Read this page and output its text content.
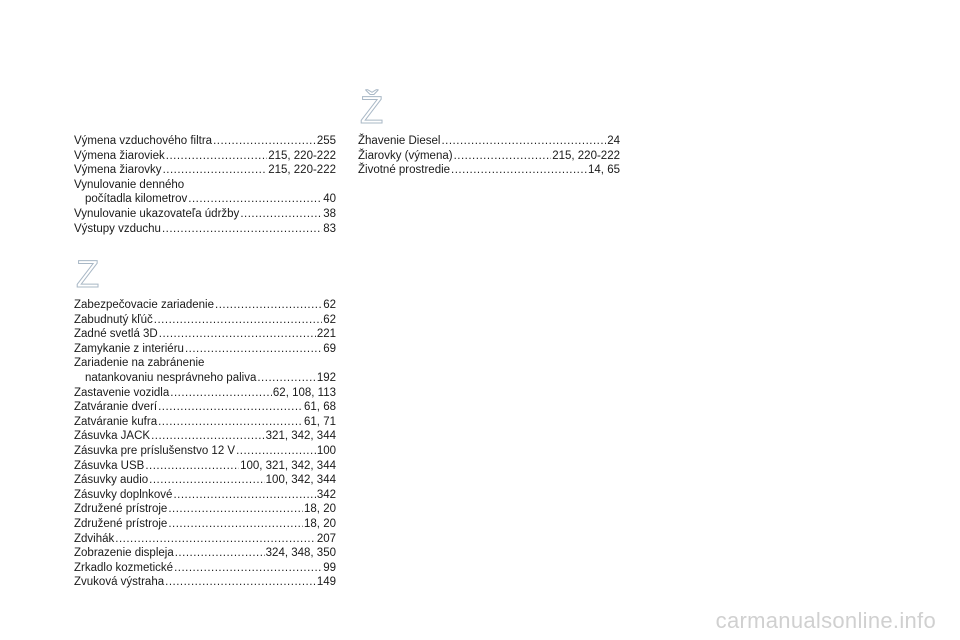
Výmena vzduchového filtra .....	255
Výmena žiaroviek .....	215, 220-222
Výmena žiarovky .....	215, 220-222
Vynulovanie denného
počítadla kilometrov .....	40
Vynulovanie ukazovateľa údržby .....	38
Výstupy vzduchu .....	83
Z
Zabezpečovacie zariadenie .....	62
Zabudnutý kľúč .....	62
Zadné svetlá 3D .....	221
Zamykanie z interiéru .....	69
Zariadenie na zabránenie
natankovaniu nesprávneho paliva .....	192
Zastavenie vozidla .....	62, 108, 113
Zatváranie dverí .....	61, 68
Zatváranie kufra .....	61, 71
Zásuvka JACK .....	321, 342, 344
Zásuvka pre príslušenstvo 12 V .....	100
Zásuvka USB .....	100, 321, 342, 344
Zásuvky audio .....	100, 342, 344
Zásuvky doplnkové .....	342
Združené prístroje .....	18, 20
Združené prístroje .....	18, 20
Zdvihák .....	207
Zobrazenie displeja .....	324, 348, 350
Zrkadlo kozmetické .....	99
Zvuková výstraha .....	149
Ž
Žhavenie Diesel .....	24
Žiarovky (výmena) .....	215, 220-222
Životné prostredie .....	14, 65
carmanualsonline.info
